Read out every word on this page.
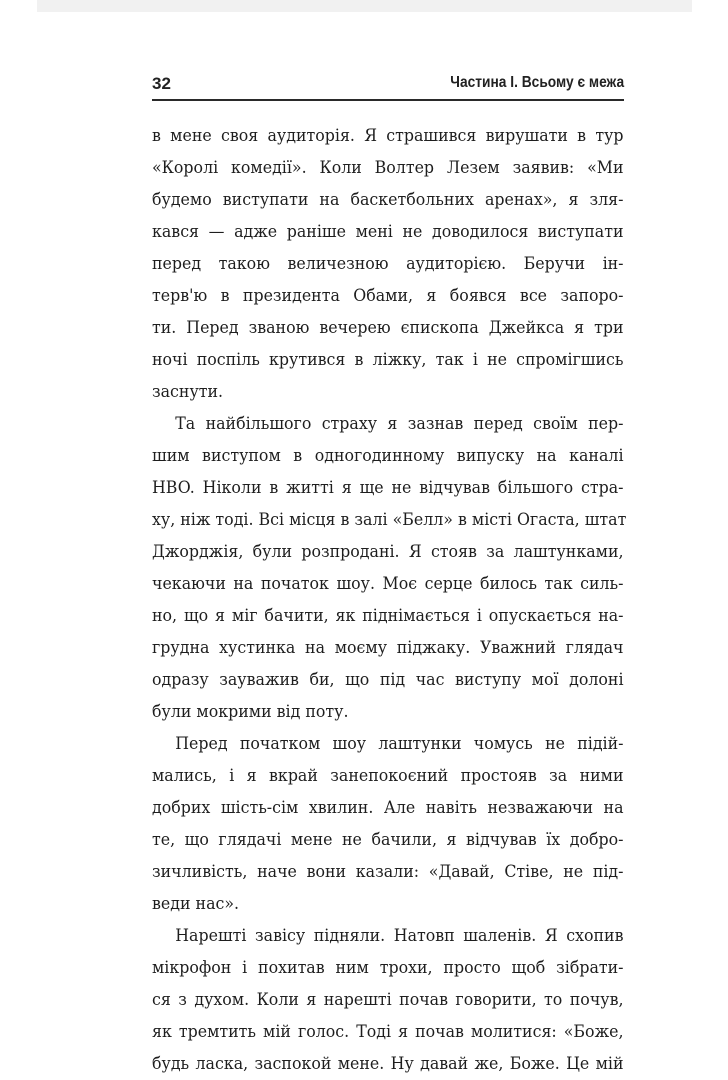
32	Частина I. Всьому є межа
в мене своя аудиторія. Я страшився вирушати в тур
«Королі комедії». Коли Волтер Лезем заявив: «Ми
будемо виступати на баскетбольних аренах», я зля-
кався — адже раніше мені не доводилося виступати
перед такою величезною аудиторією. Беручи ін-
терв'ю в президента Обами, я боявся все запоро-
ти. Перед званою вечерею єпископа Джейкса я три
ночі поспіль крутився в ліжку, так і не спромігшись
заснути.
Та найбільшого страху я зазнав перед своїм пер-
шим виступом в одногодинному випуску на каналі
HBO. Ніколи в житті я ще не відчував більшого стра-
ху, ніж тоді. Всі місця в залі «Белл» в місті Огаста, штат
Джорджія, були розпродані. Я стояв за лаштунками,
чекаючи на початок шоу. Моє серце билось так силь-
но, що я міг бачити, як піднімається і опускається на-
грудна хустинка на моєму піджаку. Уважний глядач
одразу зауважив би, що під час виступу мої долоні
були мокрими від поту.
Перед початком шоу лаштунки чомусь не підій-
мались, і я вкрай занепокоєний простояв за ними
добрих шість-сім хвилин. Але навіть незважаючи на
те, що глядачі мене не бачили, я відчував їх добро-
зичливість, наче вони казали: «Давай, Стіве, не під-
веди нас».
Нарешті завісу підняли. Натовп шаленів. Я схопив
мікрофон і похитав ним трохи, просто щоб зібрати-
ся з духом. Коли я нарешті почав говорити, то почув,
як тремтить мій голос. Тоді я почав молитися: «Боже,
будь ласка, заспокой мене. Ну давай же, Боже. Це мій
